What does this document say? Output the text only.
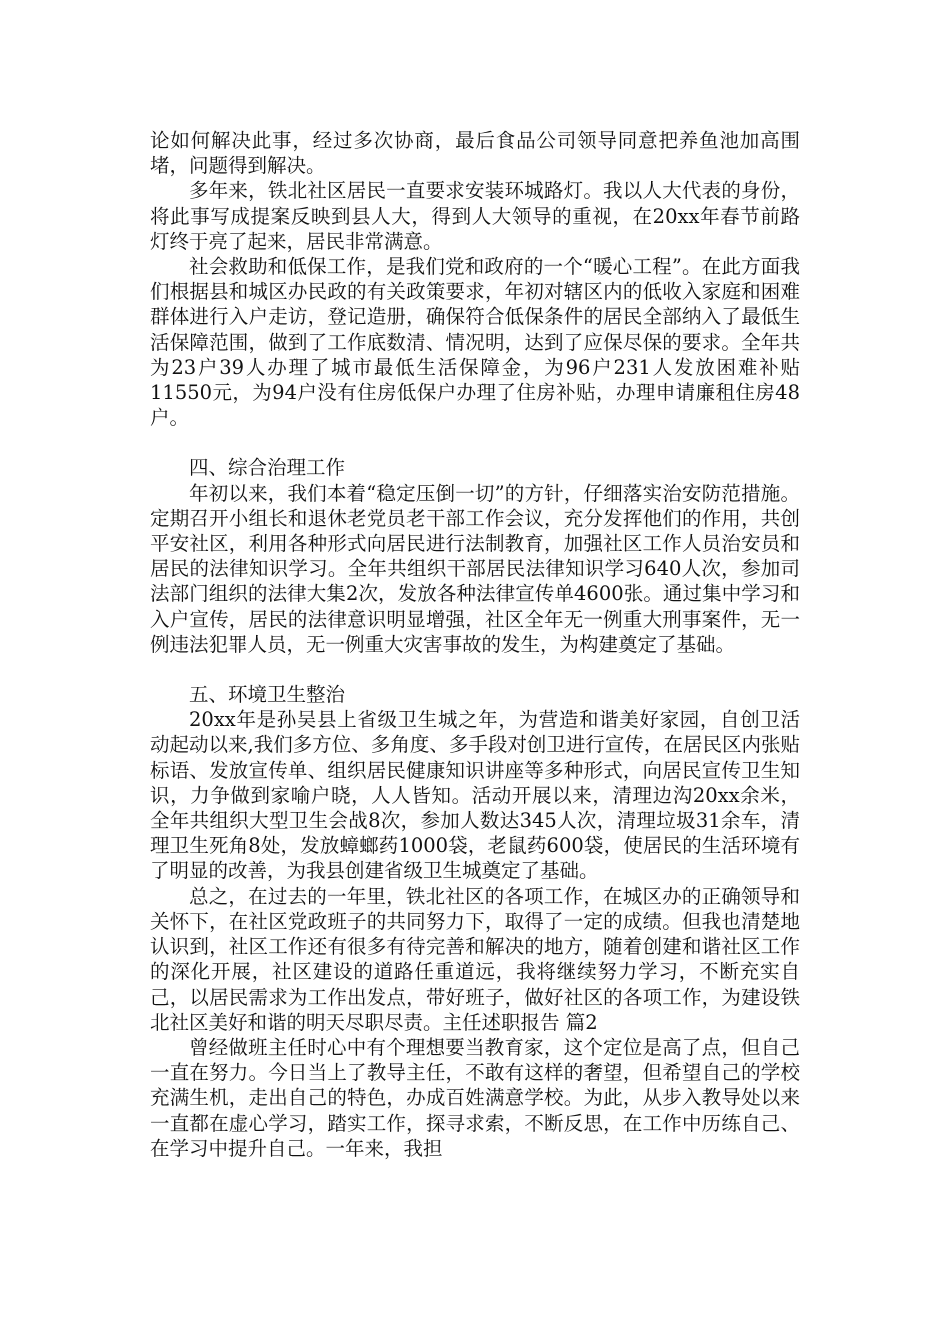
论如何解决此事，经过多次协商，最后食品公司领导同意把养鱼池加高围堵，问题得到解决。

多年来，铁北社区居民一直要求安装环城路灯。我以人大代表的身份，将此事写成提案反映到县人大，得到人大领导的重视，在20xx年春节前路灯终于亮了起来，居民非常满意。

社会救助和低保工作，是我们党和政府的一个“暖心工程”。在此方面我们根据县和城区办民政的有关政策要求，年初对辖区内的低收入家庭和困难群体进行入户走访，登记造册，确保符合低保条件的居民全部纳入了最低生活保障范围，做到了工作底数清、情况明，达到了应保尽保的要求。全年共为23户39人办理了城市最低生活保障金，为96户231人发放困难补贴11550元，为94户没有住房低保户办理了住房补贴，办理申请廉租住房48户。

四、综合治理工作

年初以来，我们本着“稳定压倒一切”的方针，仔细落实治安防范措施。定期召开小组长和退休老党员老干部工作会议，充分发挥他们的作用，共创平安社区，利用各种形式向居民进行法制教育，加强社区工作人员治安员和居民的法律知识学习。全年共组织干部居民法律知识学习640人次，参加司法部门组织的法律大集2次，发放各种法律宣传单4600张。通过集中学习和入户宣传，居民的法律意识明显增强，社区全年无一例重大刑事案件，无一例违法犯罪人员，无一例重大灾害事故的发生，为构建奠定了基础。

五、环境卫生整治

20xx年是孙吴县上省级卫生城之年，为营造和谐美好家园，自创卫活动起动以来,我们多方位、多角度、多手段对创卫进行宣传，在居民区内张贴标语、发放宣传单、组织居民健康知识讲座等多种形式，向居民宣传卫生知识，力争做到家喻户晓，人人皆知。活动开展以来，清理边沟20xx余米，全年共组织大型卫生会战8次，参加人数达345人次，清理垃圾31余车，清理卫生死角8处，发放蟑螂药1000袋，老鼠药600袋，使居民的生活环境有了明显的改善，为我县创建省级卫生城奠定了基础。

总之，在过去的一年里，铁北社区的各项工作，在城区办的正确领导和关怀下，在社区党政班子的共同努力下，取得了一定的成绩。但我也清楚地认识到，社区工作还有很多有待完善和解决的地方，随着创建和谐社区工作的深化开展，社区建设的道路任重道远，我将继续努力学习，不断充实自己，以居民需求为工作出发点，带好班子，做好社区的各项工作，为建设铁北社区美好和谐的明天尽职尽责。主任述职报告 篇2

曾经做班主任时心中有个理想要当教育家，这个定位是高了点，但自己一直在努力。今日当上了教导主任，不敢有这样的奢望，但希望自己的学校充满生机，走出自己的特色，办成百姓满意学校。为此，从步入教导处以来一直都在虚心学习，踏实工作，探寻求索，不断反思，在工作中历练自己、在学习中提升自己。一年来，我担
